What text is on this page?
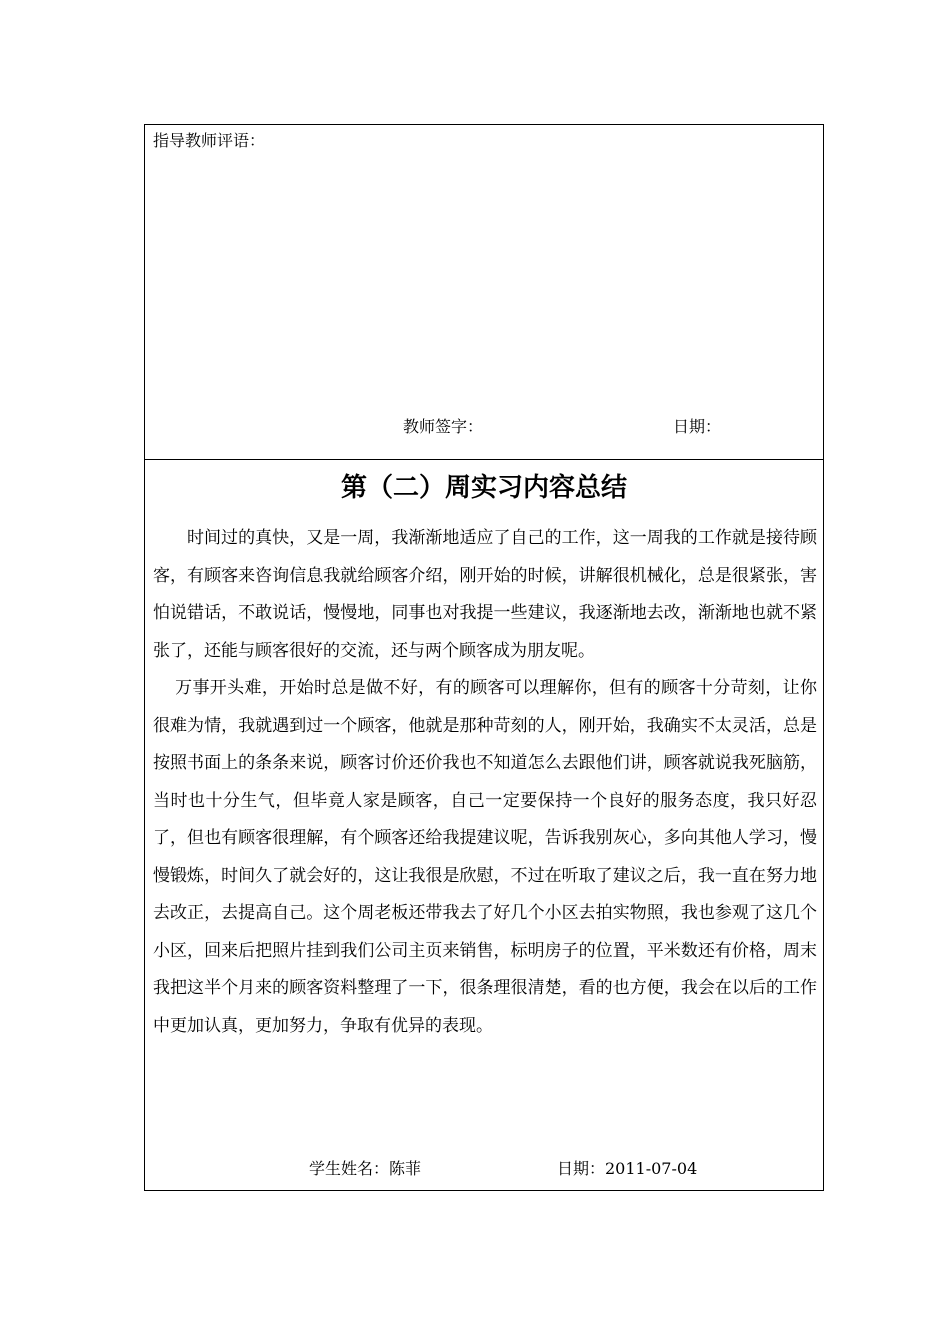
指导教师评语：
教师签字：	日期：
第（二）周实习内容总结

时间过的真快，又是一周，我渐渐地适应了自己的工作，这一周我的工作就是接待顾客，有顾客来咨询信息我就给顾客介绍，刚开始的时候，讲解很机械化，总是很紧张，害怕说错话，不敢说话，慢慢地，同事也对我提一些建议，我逐渐地去改，渐渐地也就不紧张了，还能与顾客很好的交流，还与两个顾客成为朋友呢。

万事开头难，开始时总是做不好，有的顾客可以理解你，但有的顾客十分苛刻，让你很难为情，我就遇到过一个顾客，他就是那种苛刻的人，刚开始，我确实不太灵活，总是按照书面上的条条来说，顾客讨价还价我也不知道怎么去跟他们讲，顾客就说我死脑筋，当时也十分生气，但毕竟人家是顾客，自己一定要保持一个良好的服务态度，我只好忍了，但也有顾客很理解，有个顾客还给我提建议呢，告诉我别灰心，多向其他人学习，慢慢锻炼，时间久了就会好的，这让我很是欣慰，不过在听取了建议之后，我一直在努力地去改正，去提高自己。这个周老板还带我去了好几个小区去拍实物照，我也参观了这几个小区，回来后把照片挂到我们公司主页来销售，标明房子的位置，平米数还有价格，周末我把这半个月来的顾客资料整理了一下，很条理很清楚，看的也方便，我会在以后的工作中更加认真，更加努力，争取有优异的表现。

学生姓名：陈菲	日期：2011-07-04
